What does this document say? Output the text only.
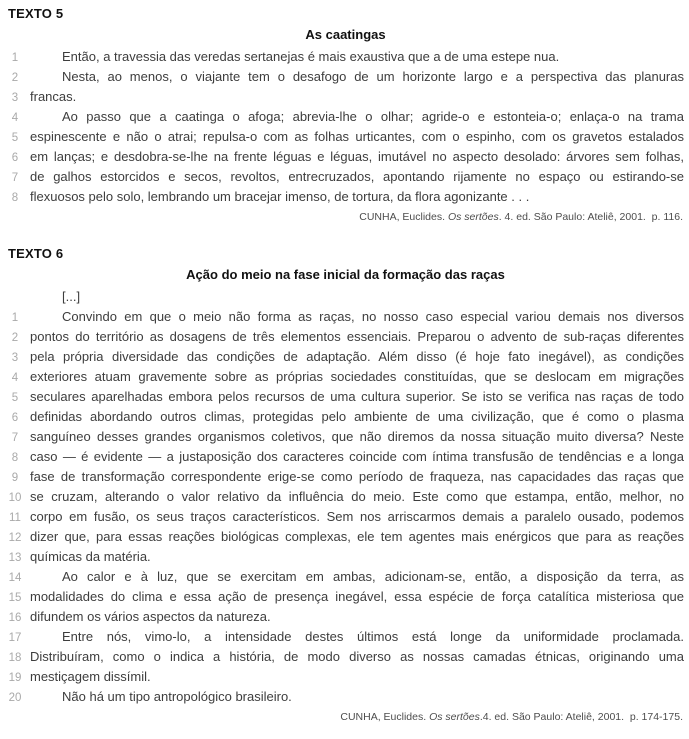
TEXTO 5
As caatingas
1	Então, a travessia das veredas sertanejas é mais exaustiva que a de uma estepe nua.
2	Nesta, ao menos, o viajante tem o desafogo de um horizonte largo e a perspectiva das planuras
3 francas.
4	Ao passo que a caatinga o afoga; abrevia-lhe o olhar; agride-o e estonteia-o; enlaça-o na trama
5 espinescente e não o atrai; repulsa-o com as folhas urticantes, com o espinho, com os gravetos estalados
6 em lanças; e desdobra-se-lhe na frente léguas e léguas, imutável no aspecto desolado: árvores sem folhas,
7 de galhos estorcidos e secos, revoltos, entrecruzados, apontando rijamente no espaço ou estirando-se
8 flexuosos pelo solo, lembrando um bracejar imenso, de tortura, da flora agonizante . . .
CUNHA, Euclides. Os sertões. 4. ed. São Paulo: Ateliê, 2001.  p. 116.
TEXTO 6
Ação do meio na fase inicial da formação das raças
[...]
1	Convindo em que o meio não forma as raças, no nosso caso especial variou demais nos diversos
2 pontos do território as dosagens de três elementos essenciais. Preparou o advento de sub-raças diferentes
3 pela própria diversidade das condições de adaptação. Além disso (é hoje fato inegável), as condições
4 exteriores atuam gravemente sobre as próprias sociedades constituídas, que se deslocam em migrações
5 seculares aparelhadas embora pelos recursos de uma cultura superior. Se isto se verifica nas raças de todo
6 definidas abordando outros climas, protegidas pelo ambiente de uma civilização, que é como o plasma
7 sanguíneo desses grandes organismos coletivos, que não diremos da nossa situação muito diversa? Neste
8 caso — é evidente — a justaposição dos caracteres coincide com íntima transfusão de tendências e a longa
9 fase de transformação correspondente erige-se como período de fraqueza, nas capacidades das raças que
10 se cruzam, alterando o valor relativo da influência do meio. Este como que estampa, então, melhor, no
11 corpo em fusão, os seus traços característicos. Sem nos arriscarmos demais a paralelo ousado, podemos
12 dizer que, para essas reações biológicas complexas, ele tem agentes mais enérgicos que para as reações
13 químicas da matéria.
14	Ao calor e à luz, que se exercitam em ambas, adicionam-se, então, a disposição da terra, as
15 modalidades do clima e essa ação de presença inegável, essa espécie de força catalítica misteriosa que
16 difundem os vários aspectos da natureza.
17	Entre nós, vimo-lo, a intensidade destes últimos está longe da uniformidade proclamada.
18 Distribuíram, como o indica a história, de modo diverso as nossas camadas étnicas, originando uma
19 mestiçagem dissímil.
20	Não há um tipo antropológico brasileiro.
CUNHA, Euclides. Os sertões.4. ed. São Paulo: Ateliê, 2001.  p. 174-175.
